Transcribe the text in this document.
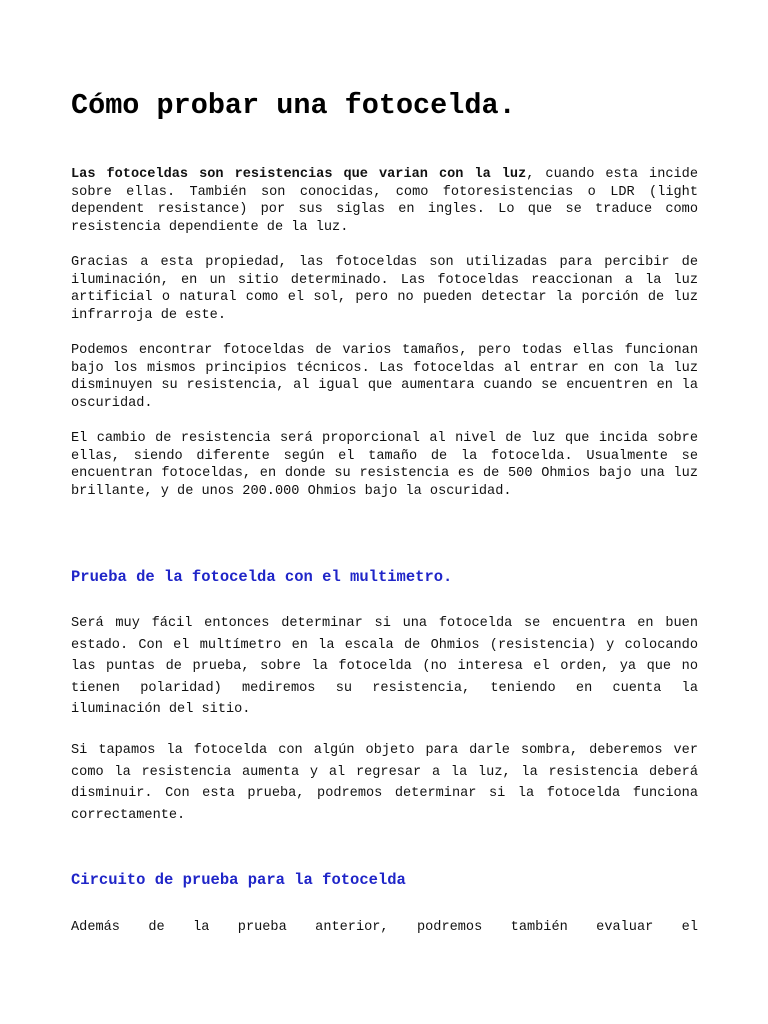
Cómo probar una fotocelda.

Las fotoceldas son resistencias que varian con la luz, cuando esta incide sobre ellas. También son conocidas, como fotoresistencias o LDR (light dependent resistance) por sus siglas en ingles. Lo que se traduce como resistencia dependiente de la luz.

Gracias a esta propiedad, las fotoceldas son utilizadas para percibir de iluminación, en un sitio determinado. Las fotoceldas reaccionan a la luz artificial o natural como el sol, pero no pueden detectar la porción de luz infrarroja de este.

Podemos encontrar fotoceldas de varios tamaños, pero todas ellas funcionan bajo los mismos principios técnicos. Las fotoceldas al entrar en con la luz disminuyen su resistencia, al igual que aumentara cuando se encuentren en la oscuridad.

El cambio de resistencia será proporcional al nivel de luz que incida sobre ellas, siendo diferente según el tamaño de la fotocelda. Usualmente se encuentran fotoceldas, en donde su resistencia es de 500 Ohmios bajo una luz brillante, y de unos 200.000 Ohmios bajo la oscuridad.

Prueba de la fotocelda con el multimetro.

Será muy fácil entonces determinar si una fotocelda se encuentra en buen estado. Con el multímetro en la escala de Ohmios (resistencia) y colocando las puntas de prueba, sobre la fotocelda (no interesa el orden, ya que no tienen polaridad) mediremos su resistencia, teniendo en cuenta la iluminación del sitio.

Si tapamos la fotocelda con algún objeto para darle sombra, deberemos ver como la resistencia aumenta y al regresar a la luz, la resistencia deberá disminuir. Con esta prueba, podremos determinar si la fotocelda funciona correctamente.

Circuito de prueba para la fotocelda

Además de la prueba anterior, podremos también evaluar el
